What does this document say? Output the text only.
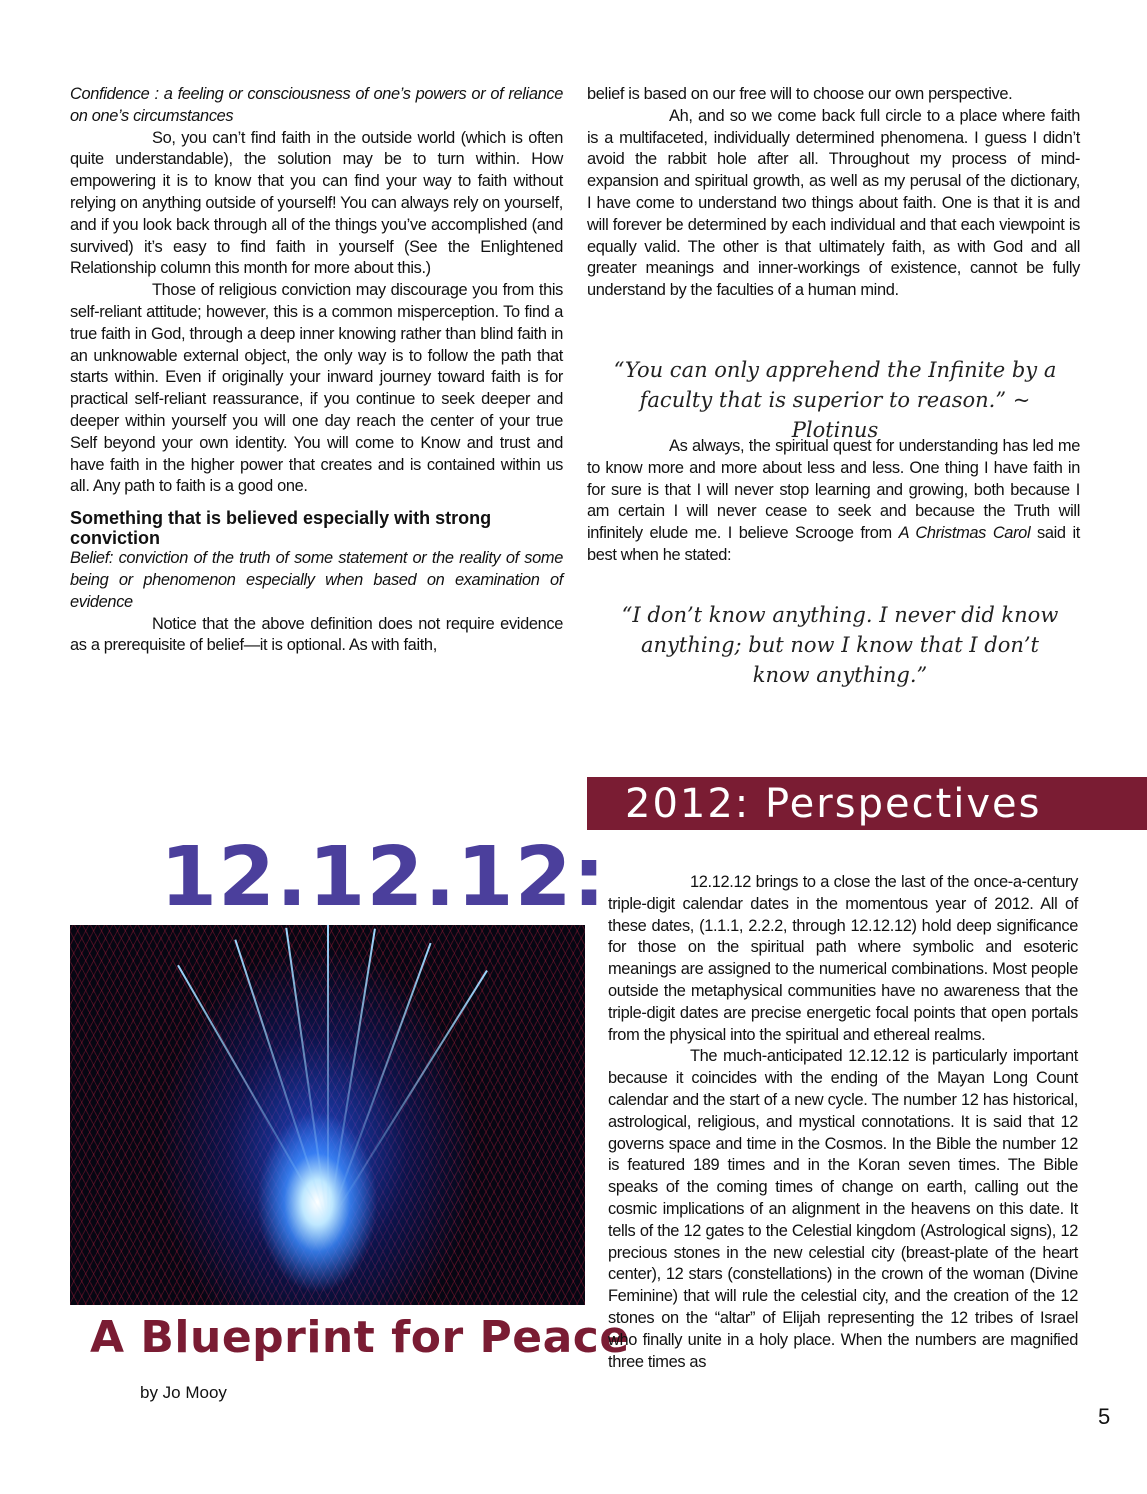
Confidence : a feeling or consciousness of one’s powers or of reliance on one’s circumstances

So, you can’t find faith in the outside world (which is often quite understandable), the solution may be to turn within. How empowering it is to know that you can find your way to faith without relying on anything outside of yourself! You can always rely on yourself, and if you look back through all of the things you’ve accomplished (and survived) it’s easy to find faith in yourself (See the Enlightened Relationship column this month for more about this.)

Those of religious conviction may discourage you from this self-reliant attitude; however, this is a common misperception. To find a true faith in God, through a deep inner knowing rather than blind faith in an unknowable external object, the only way is to follow the path that starts within. Even if originally your inward journey toward faith is for practical self-reliant reassurance, if you continue to seek deeper and deeper within yourself you will one day reach the center of your true Self beyond your own identity. You will come to Know and trust and have faith in the higher power that creates and is contained within us all. Any path to faith is a good one.

Something that is believed especially with strong conviction

Belief: conviction of the truth of some statement or the reality of some being or phenomenon especially when based on examination of evidence

Notice that the above definition does not require evidence as a prerequisite of belief—it is optional. As with faith,

belief is based on our free will to choose our own perspective.

Ah, and so we come back full circle to a place where faith is a multifaceted, individually determined phenomena. I guess I didn’t avoid the rabbit hole after all. Throughout my process of mind-expansion and spiritual growth, as well as my perusal of the dictionary, I have come to understand two things about faith. One is that it is and will forever be determined by each individual and that each viewpoint is equally valid. The other is that ultimately faith, as with God and all greater meanings and inner-workings of existence, cannot be fully understand by the faculties of a human mind.

“You can only apprehend the Infinite by a faculty that is superior to reason.” ~ Plotinus

As always, the spiritual quest for understanding has led me to know more and more about less and less. One thing I have faith in for sure is that I will never stop learning and growing, both because I am certain I will never cease to seek and because the Truth will infinitely elude me. I believe Scrooge from A Christmas Carol said it best when he stated:

“I don’t know anything. I never did know anything; but now I know that I don’t know anything.”
2012: Perspectives
12.12.12:
A Blueprint for Peace
by Jo Mooy

12.12.12 brings to a close the last of the once-a-century triple-digit calendar dates in the momentous year of 2012. All of these dates, (1.1.1, 2.2.2, through 12.12.12) hold deep significance for those on the spiritual path where symbolic and esoteric meanings are assigned to the numerical combinations. Most people outside the metaphysical communities have no awareness that the triple-digit dates are precise energetic focal points that open portals from the physical into the spiritual and ethereal realms.

The much-anticipated 12.12.12 is particularly important because it coincides with the ending of the Mayan Long Count calendar and the start of a new cycle. The number 12 has historical, astrological, religious, and mystical connotations. It is said that 12 governs space and time in the Cosmos. In the Bible the number 12 is featured 189 times and in the Koran seven times. The Bible speaks of the coming times of change on earth, calling out the cosmic implications of an alignment in the heavens on this date. It tells of the 12 gates to the Celestial kingdom (Astrological signs), 12 precious stones in the new celestial city (breast-plate of the heart center), 12 stars (constellations) in the crown of the woman (Divine Feminine) that will rule the celestial city, and the creation of the 12 stones on the “altar” of Elijah representing the 12 tribes of Israel who finally unite in a holy place. When the numbers are magnified three times as

5
